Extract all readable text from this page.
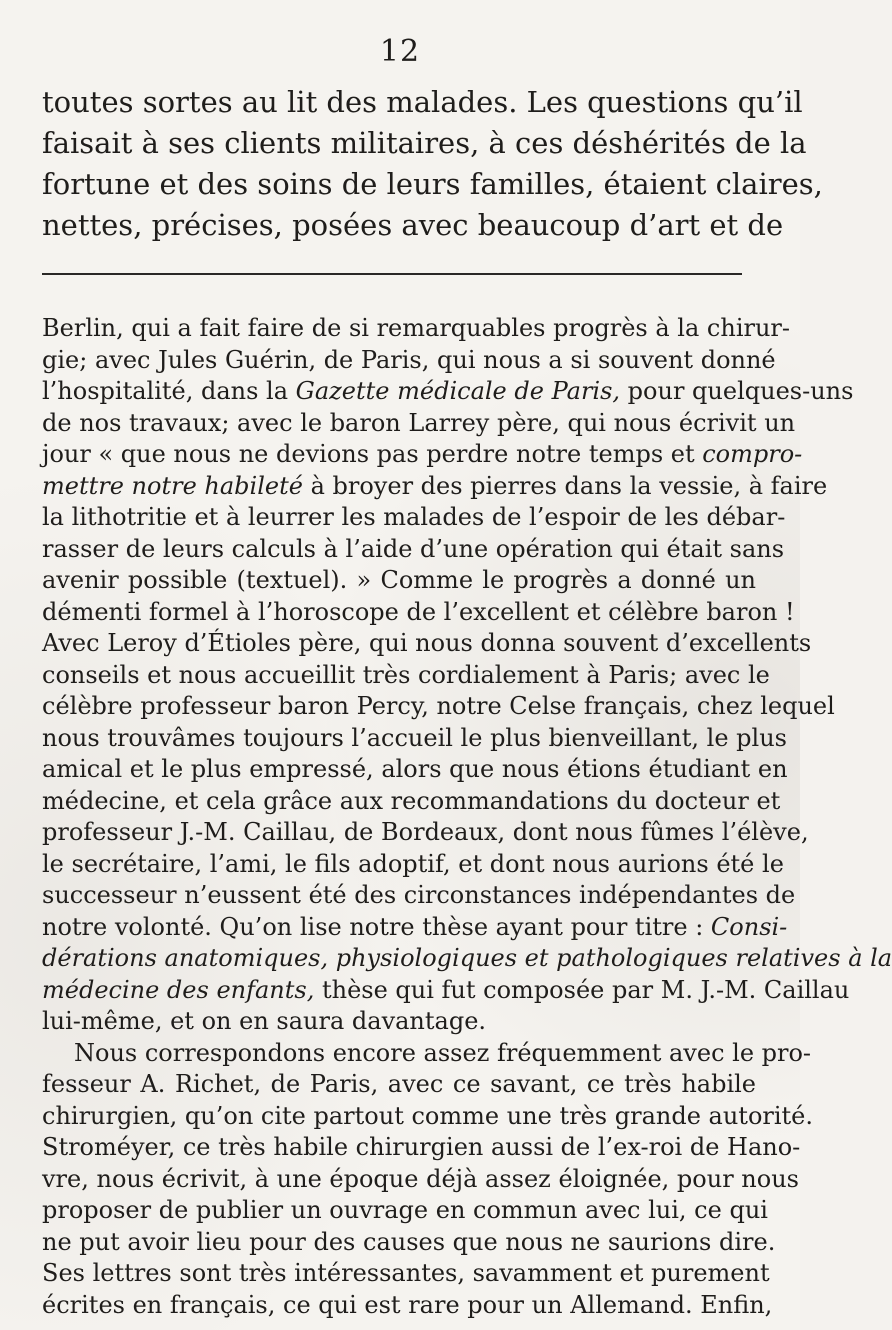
12
toutes sortes au lit des malades. Les questions qu’il
faisait à ses clients militaires, à ces déshérités de la
fortune et des soins de leurs familles, étaient claires,
nettes, précises, posées avec beaucoup d’art et de
Berlin, qui a fait faire de si remarquables progrès à la chirur-
gie; avec Jules Guérin, de Paris, qui nous a si souvent donné
l’hospitalité, dans la Gazette médicale de Paris, pour quelques-uns
de nos travaux; avec le baron Larrey père, qui nous écrivit un
jour « que nous ne devions pas perdre notre temps et compro-
mettre notre habileté à broyer des pierres dans la vessie, à faire
la lithotritie et à leurrer les malades de l’espoir de les débar-
rasser de leurs calculs à l’aide d’une opération qui était sans
avenir possible (textuel). » Comme le progrès a donné un
démenti formel à l’horoscope de l’excellent et célèbre baron !
Avec Leroy d’Étioles père, qui nous donna souvent d’excellents
conseils et nous accueillit très cordialement à Paris; avec le
célèbre professeur baron Percy, notre Celse français, chez lequel
nous trouvâmes toujours l’accueil le plus bienveillant, le plus
amical et le plus empressé, alors que nous étions étudiant en
médecine, et cela grâce aux recommandations du docteur et
professeur J.-M. Caillau, de Bordeaux, dont nous fûmes l’élève,
le secrétaire, l’ami, le fils adoptif, et dont nous aurions été le
successeur n’eussent été des circonstances indépendantes de
notre volonté. Qu’on lise notre thèse ayant pour titre : Consi-
dérations anatomiques, physiologiques et pathologiques relatives à la
médecine des enfants, thèse qui fut composée par M. J.-M. Caillau
lui-même, et on en saura davantage.
Nous correspondons encore assez fréquemment avec le pro-
fesseur A. Richet, de Paris, avec ce savant, ce très habile
chirurgien, qu’on cite partout comme une très grande autorité.
Stroméyer, ce très habile chirurgien aussi de l’ex-roi de Hano-
vre, nous écrivit, à une époque déjà assez éloignée, pour nous
proposer de publier un ouvrage en commun avec lui, ce qui
ne put avoir lieu pour des causes que nous ne saurions dire.
Ses lettres sont très intéressantes, savamment et purement
écrites en français, ce qui est rare pour un Allemand. Enfin,
